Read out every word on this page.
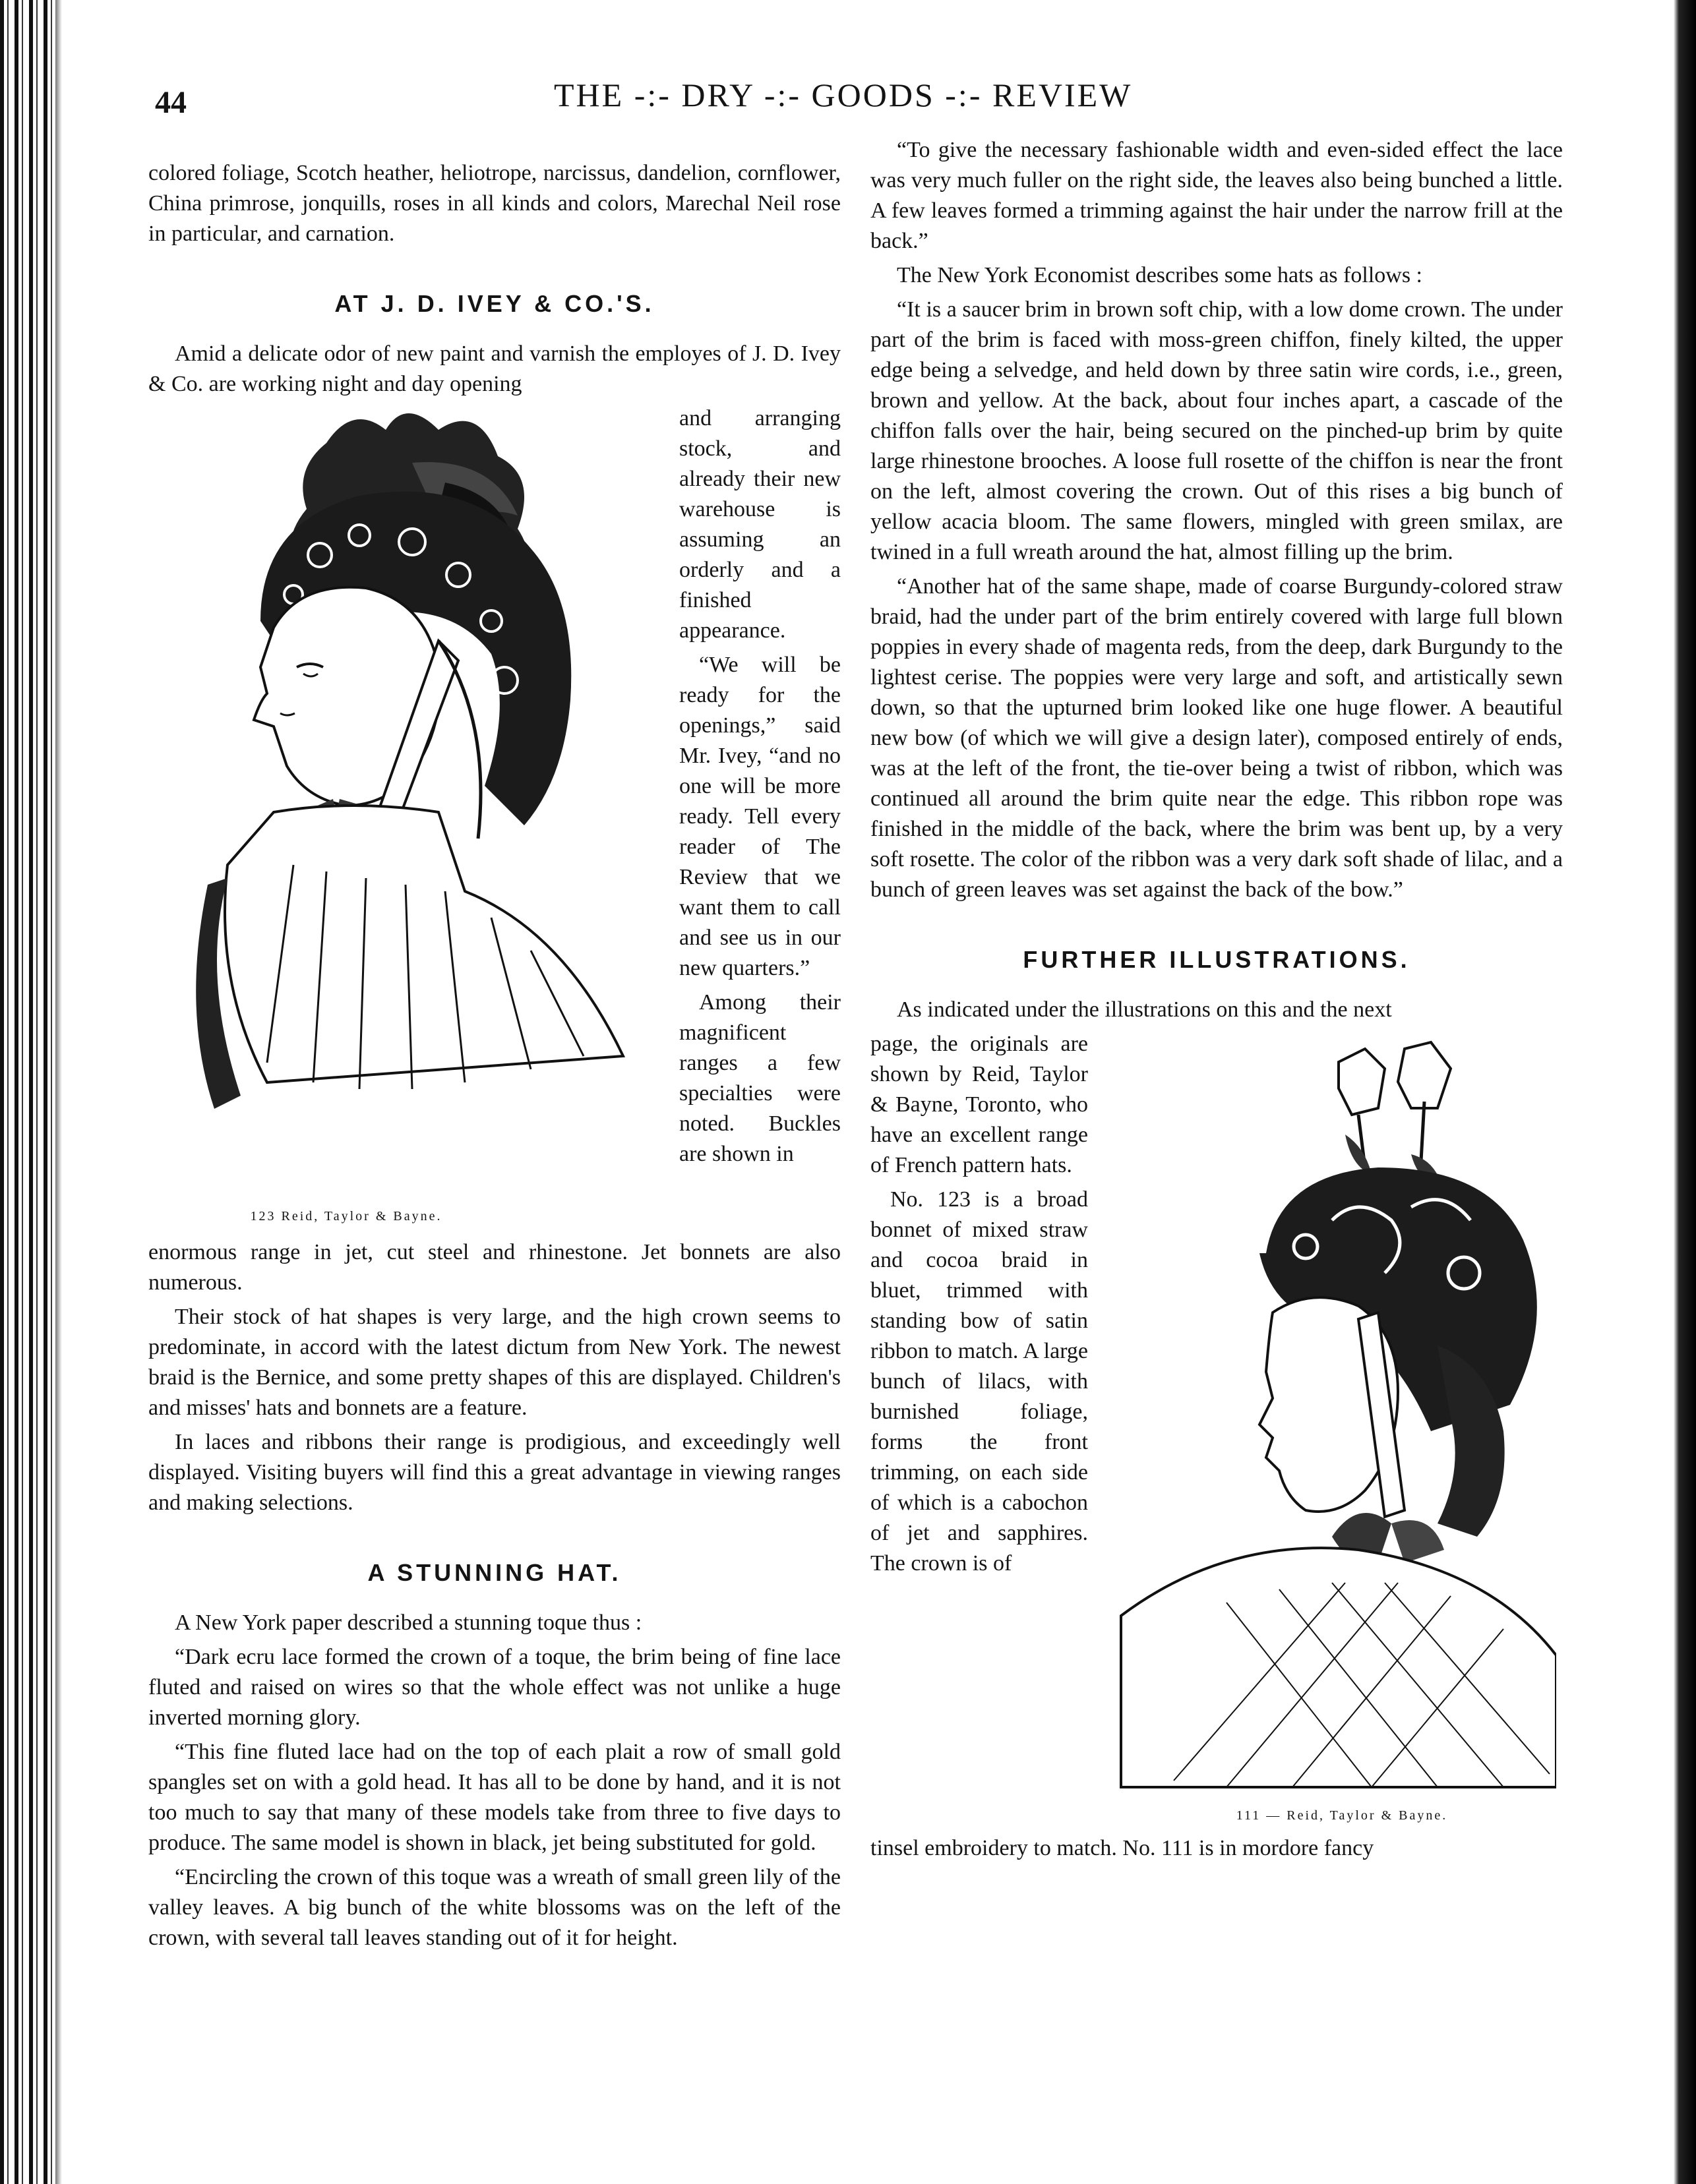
44	THE -:- DRY -:- GOODS -:- REVIEW

colored foliage, Scotch heather, heliotrope, narcissus, dandelion, cornflower, China primrose, jonquills, roses in all kinds and colors, Marechal Neil rose in particular, and carnation.

AT J. D. IVEY & CO.'S.

Amid a delicate odor of new paint and varnish the employes of J. D. Ivey & Co. are working night and day opening

123 Reid, Taylor & Bayne.

and arranging stock, and already their new warehouse is assuming an orderly and a finished appearance.

“We will be ready for the openings,” said Mr. Ivey, “and no one will be more ready. Tell every reader of The Review that we want them to call and see us in our new quarters.”

Among their magnificent ranges a few specialties were noted. Buckles are shown in

enormous range in jet, cut steel and rhinestone. Jet bonnets are also numerous.

Their stock of hat shapes is very large, and the high crown seems to predominate, in accord with the latest dictum from New York. The newest braid is the Bernice, and some pretty shapes of this are displayed. Children's and misses' hats and bonnets are a feature.

In laces and ribbons their range is prodigious, and exceedingly well displayed. Visiting buyers will find this a great advantage in viewing ranges and making selections.

A STUNNING HAT.

A New York paper described a stunning toque thus :

“Dark ecru lace formed the crown of a toque, the brim being of fine lace fluted and raised on wires so that the whole effect was not unlike a huge inverted morning glory.

“This fine fluted lace had on the top of each plait a row of small gold spangles set on with a gold head. It has all to be done by hand, and it is not too much to say that many of these models take from three to five days to produce. The same model is shown in black, jet being substituted for gold.

“Encircling the crown of this toque was a wreath of small green lily of the valley leaves. A big bunch of the white blossoms was on the left of the crown, with several tall leaves standing out of it for height.

“To give the necessary fashionable width and even-sided effect the lace was very much fuller on the right side, the leaves also being bunched a little. A few leaves formed a trimming against the hair under the narrow frill at the back.”

The New York Economist describes some hats as follows :

“It is a saucer brim in brown soft chip, with a low dome crown. The under part of the brim is faced with moss-green chiffon, finely kilted, the upper edge being a selvedge, and held down by three satin wire cords, i.e., green, brown and yellow. At the back, about four inches apart, a cascade of the chiffon falls over the hair, being secured on the pinched-up brim by quite large rhinestone brooches. A loose full rosette of the chiffon is near the front on the left, almost covering the crown. Out of this rises a big bunch of yellow acacia bloom. The same flowers, mingled with green smilax, are twined in a full wreath around the hat, almost filling up the brim.

“Another hat of the same shape, made of coarse Burgundy-colored straw braid, had the under part of the brim entirely covered with large full blown poppies in every shade of magenta reds, from the deep, dark Burgundy to the lightest cerise. The poppies were very large and soft, and artistically sewn down, so that the upturned brim looked like one huge flower. A beautiful new bow (of which we will give a design later), composed entirely of ends, was at the left of the front, the tie-over being a twist of ribbon, which was continued all around the brim quite near the edge. This ribbon rope was finished in the middle of the back, where the brim was bent up, by a very soft rosette. The color of the ribbon was a very dark soft shade of lilac, and a bunch of green leaves was set against the back of the bow.”

FURTHER ILLUSTRATIONS.

As indicated under the illustrations on this and the next

page, the originals are shown by Reid, Taylor & Bayne, Toronto, who have an excellent range of French pattern hats.

No. 123 is a broad bonnet of mixed straw and cocoa braid in bluet, trimmed with standing bow of satin ribbon to match. A large bunch of lilacs, with burnished foliage, forms the front trimming, on each side of which is a cabochon of jet and sapphires. The crown is of

111 — Reid, Taylor & Bayne.

tinsel embroidery to match. No. 111 is in mordore fancy
